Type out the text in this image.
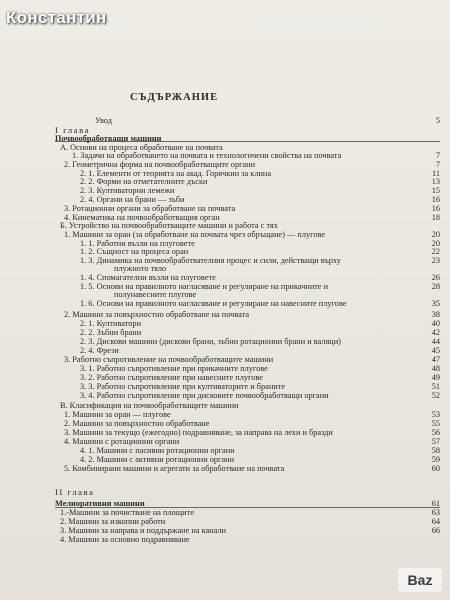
Константин
СЪДЪРЖАНИЕ
Увод	5
I глава
Почвообработващи машини
А. Основи на процеса обработване на почвата
1. Задачи на обработването на почвата и технологичени свойства на почвата	7
2. Геометрична форма на почвообработващите органи	7
2. 1. Елементи от теорията на акад. Горячкин за клина	11
2. 2. Форми на отметателните дъски	13
2. 3. Култиваторни лемежи	15
2. 4. Органи на брани — зъби	16
3. Ротационни органи за обработване на почвата	16
4. Кинематика на почвообработващия орган	18
Б. Устройство на почвообработващите машини и работа с тях
1. Машини за оран (за обработване на почвата чрез обръщане) — плугове	20
1. 1. Работни възли на плуговете	20
1. 2. Същност на процеса оран	22
1. 3. Динамика на почвообработвателния процес и сили, действащи върху	23
плужното тяло
1. 4. Спомагателни възли на плуговете	26
1. 5. Основи на правилното нагласяване и регулиране на прикачните и	28
полунавесните плугове
1. 6. Основи на правилното нагласяване и регулиране на навесните плугове	35
2. Машини за повърхностно обработване на почвата	38
2. 1. Култиватори	40
2. 2. Зъбни брани	42
2. 3. Дискови машини (дискови брани, зъбни ротационни брани и валяци)	44
2. 4. Фрези	45
3. Работно съпротивление на почвообработващите машини	47
3. 1. Работно съпротивление при прикачните плугове	48
3. 2. Работно съпротивление при навесните плугове	49
3. 3. Работно съпротивление при култиваторите и браните	51
3. 4. Работно съпротивление при дисковите почвообработващи органи	52
В. Класификация на почвообработващите машини
1. Машини за оран — плугове	53
2. Машини за повърхностно обработване	55
3. Машини за текущо (ежегодно) подравняване, за направа на лехи и бразди	56
4. Машини с ротационни органи	57
4. 1. Машини с пасивни ротационни органи	58
4. 2. Машини с активни ротационни органи	59
5. Комбинирани машини и агрегати за обработване на почвата	60
II глава
Мелиоративни машини	61
1.-Машини за почистване на площите	63
2. Машини за изкопни работи	64
3. Машини за направа и поддържане на канали	66
4. Машини за основно подравняване
Baz
